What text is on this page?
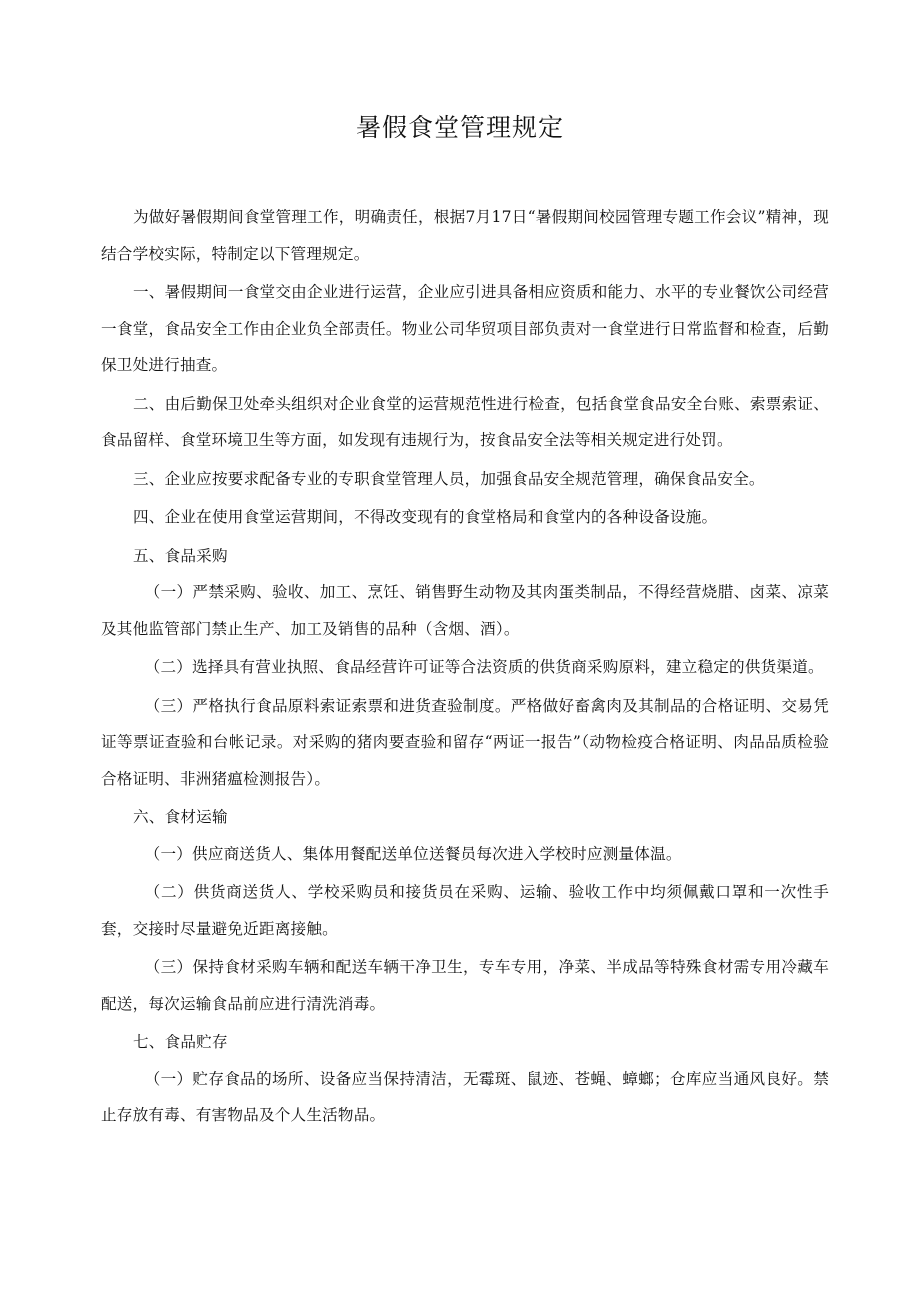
暑假食堂管理规定

为做好暑假期间食堂管理工作，明确责任，根据7月17日“暑假期间校园管理专题工作会议”精神，现结合学校实际，特制定以下管理规定。

一、暑假期间一食堂交由企业进行运营，企业应引进具备相应资质和能力、水平的专业餐饮公司经营一食堂，食品安全工作由企业负全部责任。物业公司华贸项目部负责对一食堂进行日常监督和检查，后勤保卫处进行抽查。

二、由后勤保卫处牵头组织对企业食堂的运营规范性进行检查，包括食堂食品安全台账、索票索证、食品留样、食堂环境卫生等方面，如发现有违规行为，按食品安全法等相关规定进行处罚。

三、企业应按要求配备专业的专职食堂管理人员，加强食品安全规范管理，确保食品安全。

四、企业在使用食堂运营期间，不得改变现有的食堂格局和食堂内的各种设备设施。

五、食品采购

（一）严禁采购、验收、加工、烹饪、销售野生动物及其肉蛋类制品，不得经营烧腊、卤菜、凉菜及其他监管部门禁止生产、加工及销售的品种（含烟、酒）。

（二）选择具有营业执照、食品经营许可证等合法资质的供货商采购原料，建立稳定的供货渠道。

（三）严格执行食品原料索证索票和进货查验制度。严格做好畜禽肉及其制品的合格证明、交易凭证等票证查验和台帐记录。对采购的猪肉要查验和留存“两证一报告”（动物检疫合格证明、肉品品质检验合格证明、非洲猪瘟检测报告）。

六、食材运输

（一）供应商送货人、集体用餐配送单位送餐员每次进入学校时应测量体温。

（二）供货商送货人、学校采购员和接货员在采购、运输、验收工作中均须佩戴口罩和一次性手套，交接时尽量避免近距离接触。

（三）保持食材采购车辆和配送车辆干净卫生，专车专用，净菜、半成品等特殊食材需专用冷藏车配送，每次运输食品前应进行清洗消毒。

七、食品贮存

（一）贮存食品的场所、设备应当保持清洁，无霉斑、鼠迹、苍蝇、蟑螂；仓库应当通风良好。禁止存放有毒、有害物品及个人生活物品。
